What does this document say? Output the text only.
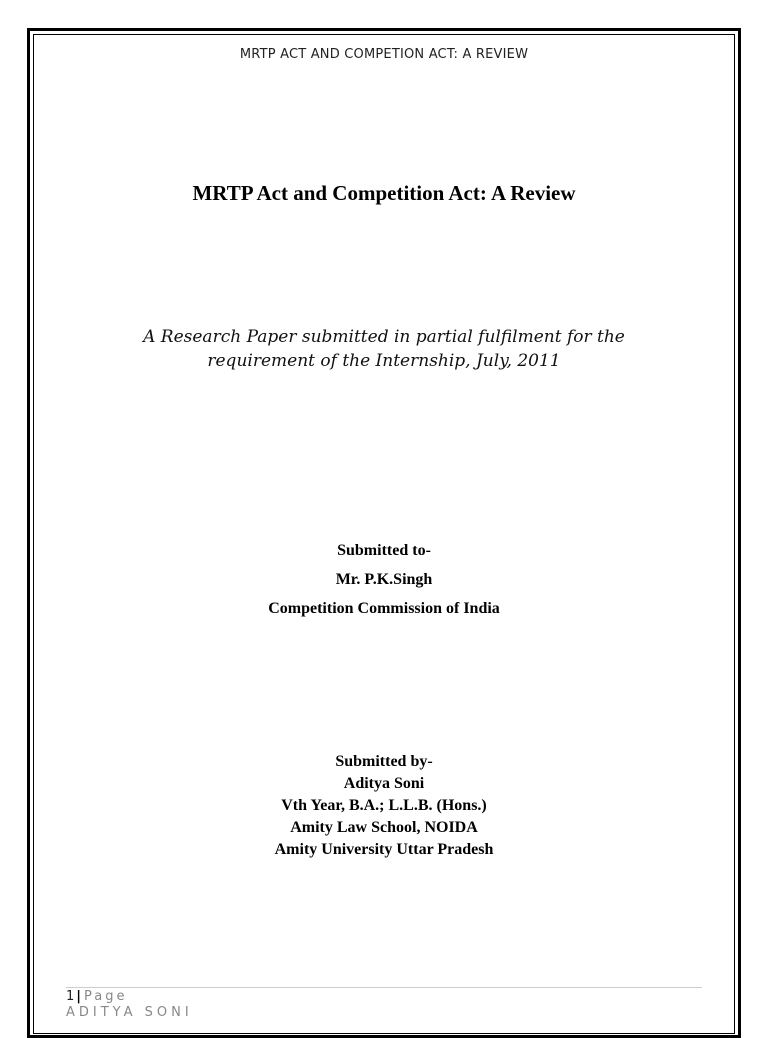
MRTP ACT AND COMPETION ACT: A REVIEW
MRTP Act and Competition Act: A Review
A Research Paper submitted in partial fulfilment for the
requirement of the Internship, July, 2011
Submitted to-
Mr. P.K.Singh
Competition Commission of India
Submitted by-
Aditya Soni
Vth Year, B.A.; L.L.B. (Hons.)
Amity Law School, NOIDA
Amity University Uttar Pradesh
1 | Page
ADITYA SONI
